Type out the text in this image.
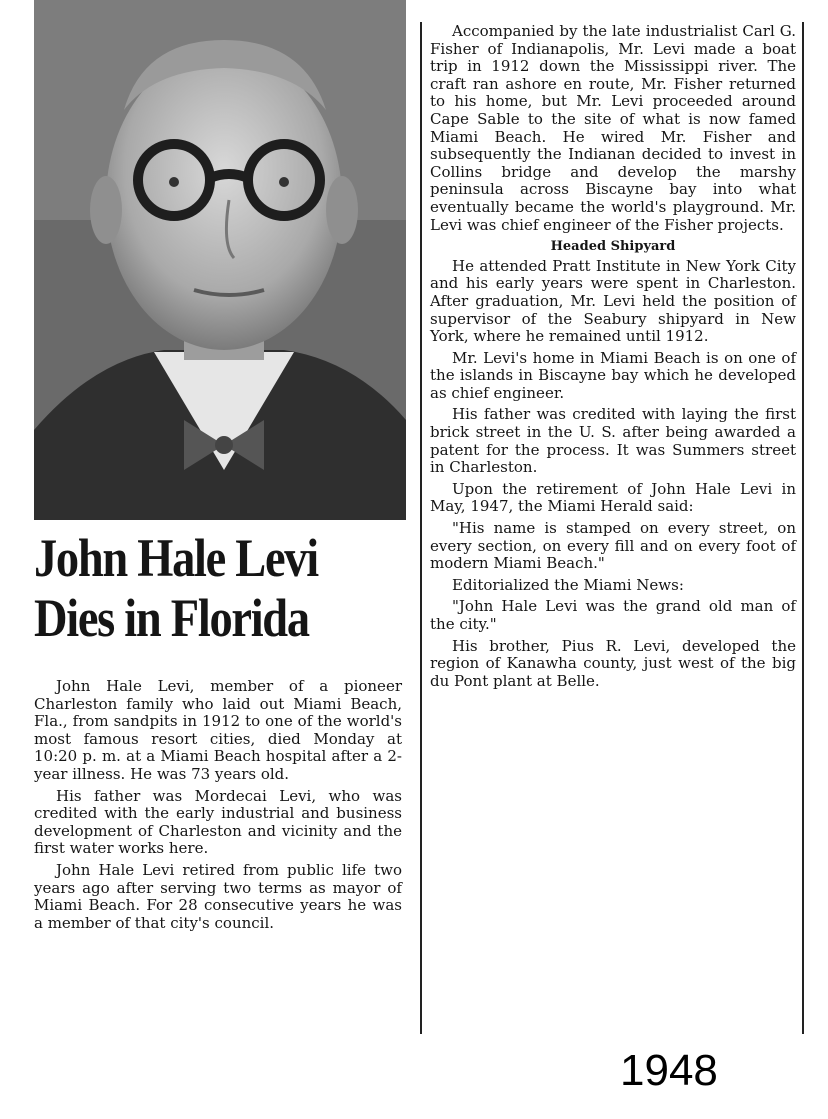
John Hale Levi
Dies in Florida

John Hale Levi, member of a pioneer Charleston family who laid out Miami Beach, Fla., from sandpits in 1912 to one of the world's most famous resort cities, died Monday at 10:20 p. m. at a Miami Beach hospital after a 2-year illness. He was 73 years old.

His father was Mordecai Levi, who was credited with the early industrial and business development of Charleston and vicinity and the first water works here.

John Hale Levi retired from public life two years ago after serving two terms as mayor of Miami Beach. For 28 consecutive years he was a member of that city's council.

Accompanied by the late industrialist Carl G. Fisher of Indianapolis, Mr. Levi made a boat trip in 1912 down the Mississippi river. The craft ran ashore en route, Mr. Fisher returned to his home, but Mr. Levi proceeded around Cape Sable to the site of what is now famed Miami Beach. He wired Mr. Fisher and subsequently the Indianan decided to invest in Collins bridge and develop the marshy peninsula across Biscayne bay into what eventually became the world's playground. Mr. Levi was chief engineer of the Fisher projects.

Headed Shipyard

He attended Pratt Institute in New York City and his early years were spent in Charleston. After graduation, Mr. Levi held the position of supervisor of the Seabury shipyard in New York, where he remained until 1912.

Mr. Levi's home in Miami Beach is on one of the islands in Biscayne bay which he developed as chief engineer.

His father was credited with laying the first brick street in the U. S. after being awarded a patent for the process. It was Summers street in Charleston.

Upon the retirement of John Hale Levi in May, 1947, the Miami Herald said:

"His name is stamped on every street, on every section, on every fill and on every foot of modern Miami Beach."

Editorialized the Miami News:

"John Hale Levi was the grand old man of the city."

His brother, Pius R. Levi, developed the region of Kanawha county, just west of the big du Pont plant at Belle.

1948
